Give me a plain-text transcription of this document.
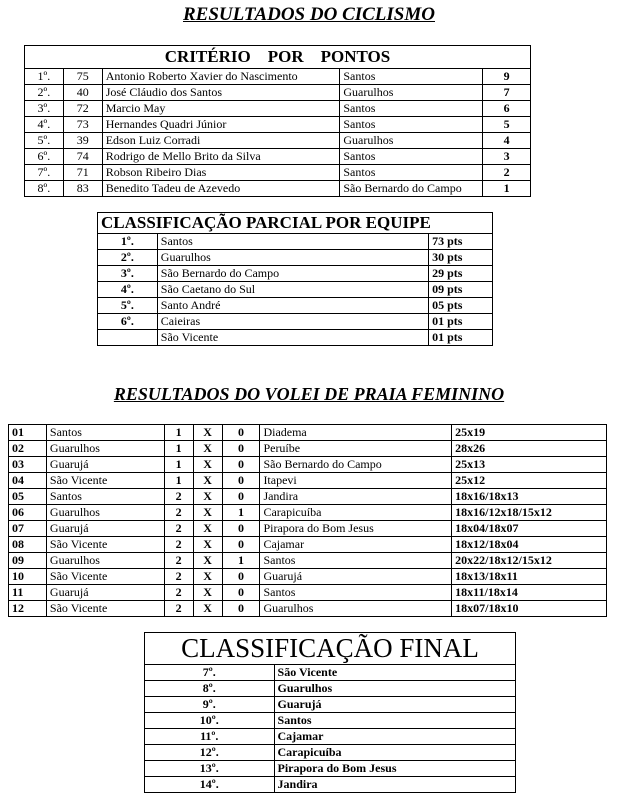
RESULTADOS DO CICLISMO
CRITÉRIO    POR    PONTOS				
1º.	75	Antonio Roberto Xavier do Nascimento	Santos	9
2º.	40	José Cláudio dos Santos	Guarulhos	7
3º.	72	Marcio May	Santos	6
4º.	73	Hernandes Quadri Júnior	Santos	5
5º.	39	Edson Luiz Corradi	Guarulhos	4
6º.	74	Rodrigo de Mello Brito da Silva	Santos	3
7º.	71	Robson Ribeiro Dias	Santos	2
8º.	83	Benedito Tadeu de Azevedo	São Bernardo do Campo	1
CLASSIFICAÇÃO PARCIAL POR EQUIPE		
1º.	Santos	73 pts
2º.	Guarulhos	30 pts
3º.	São Bernardo do Campo	29 pts
4º.	São Caetano do Sul	09 pts
5º.	Santo André	05 pts
6º.	Caieiras	01 pts
	São Vicente	01 pts
RESULTADOS DO VOLEI DE PRAIA FEMININO
01	Santos	1	X	0	Diadema	25x19
02	Guarulhos	1	X	0	Peruíbe	28x26
03	Guarujá	1	X	0	São Bernardo do Campo	25x13
04	São Vicente	1	X	0	Itapevi	25x12
05	Santos	2	X	0	Jandira	18x16/18x13
06	Guarulhos	2	X	1	Carapicuíba	18x16/12x18/15x12
07	Guarujá	2	X	0	Pirapora do Bom Jesus	18x04/18x07
08	São Vicente	2	X	0	Cajamar	18x12/18x04
09	Guarulhos	2	X	1	Santos	20x22/18x12/15x12
10	São Vicente	2	X	0	Guarujá	18x13/18x11
11	Guarujá	2	X	0	Santos	18x11/18x14
12	São Vicente	2	X	0	Guarulhos	18x07/18x10
CLASSIFICAÇÃO FINAL	
7º.	São Vicente
8º.	Guarulhos
9º.	Guarujá
10º.	Santos
11º.	Cajamar
12º.	Carapicuíba
13º.	Pirapora do Bom Jesus
14º.	Jandira
